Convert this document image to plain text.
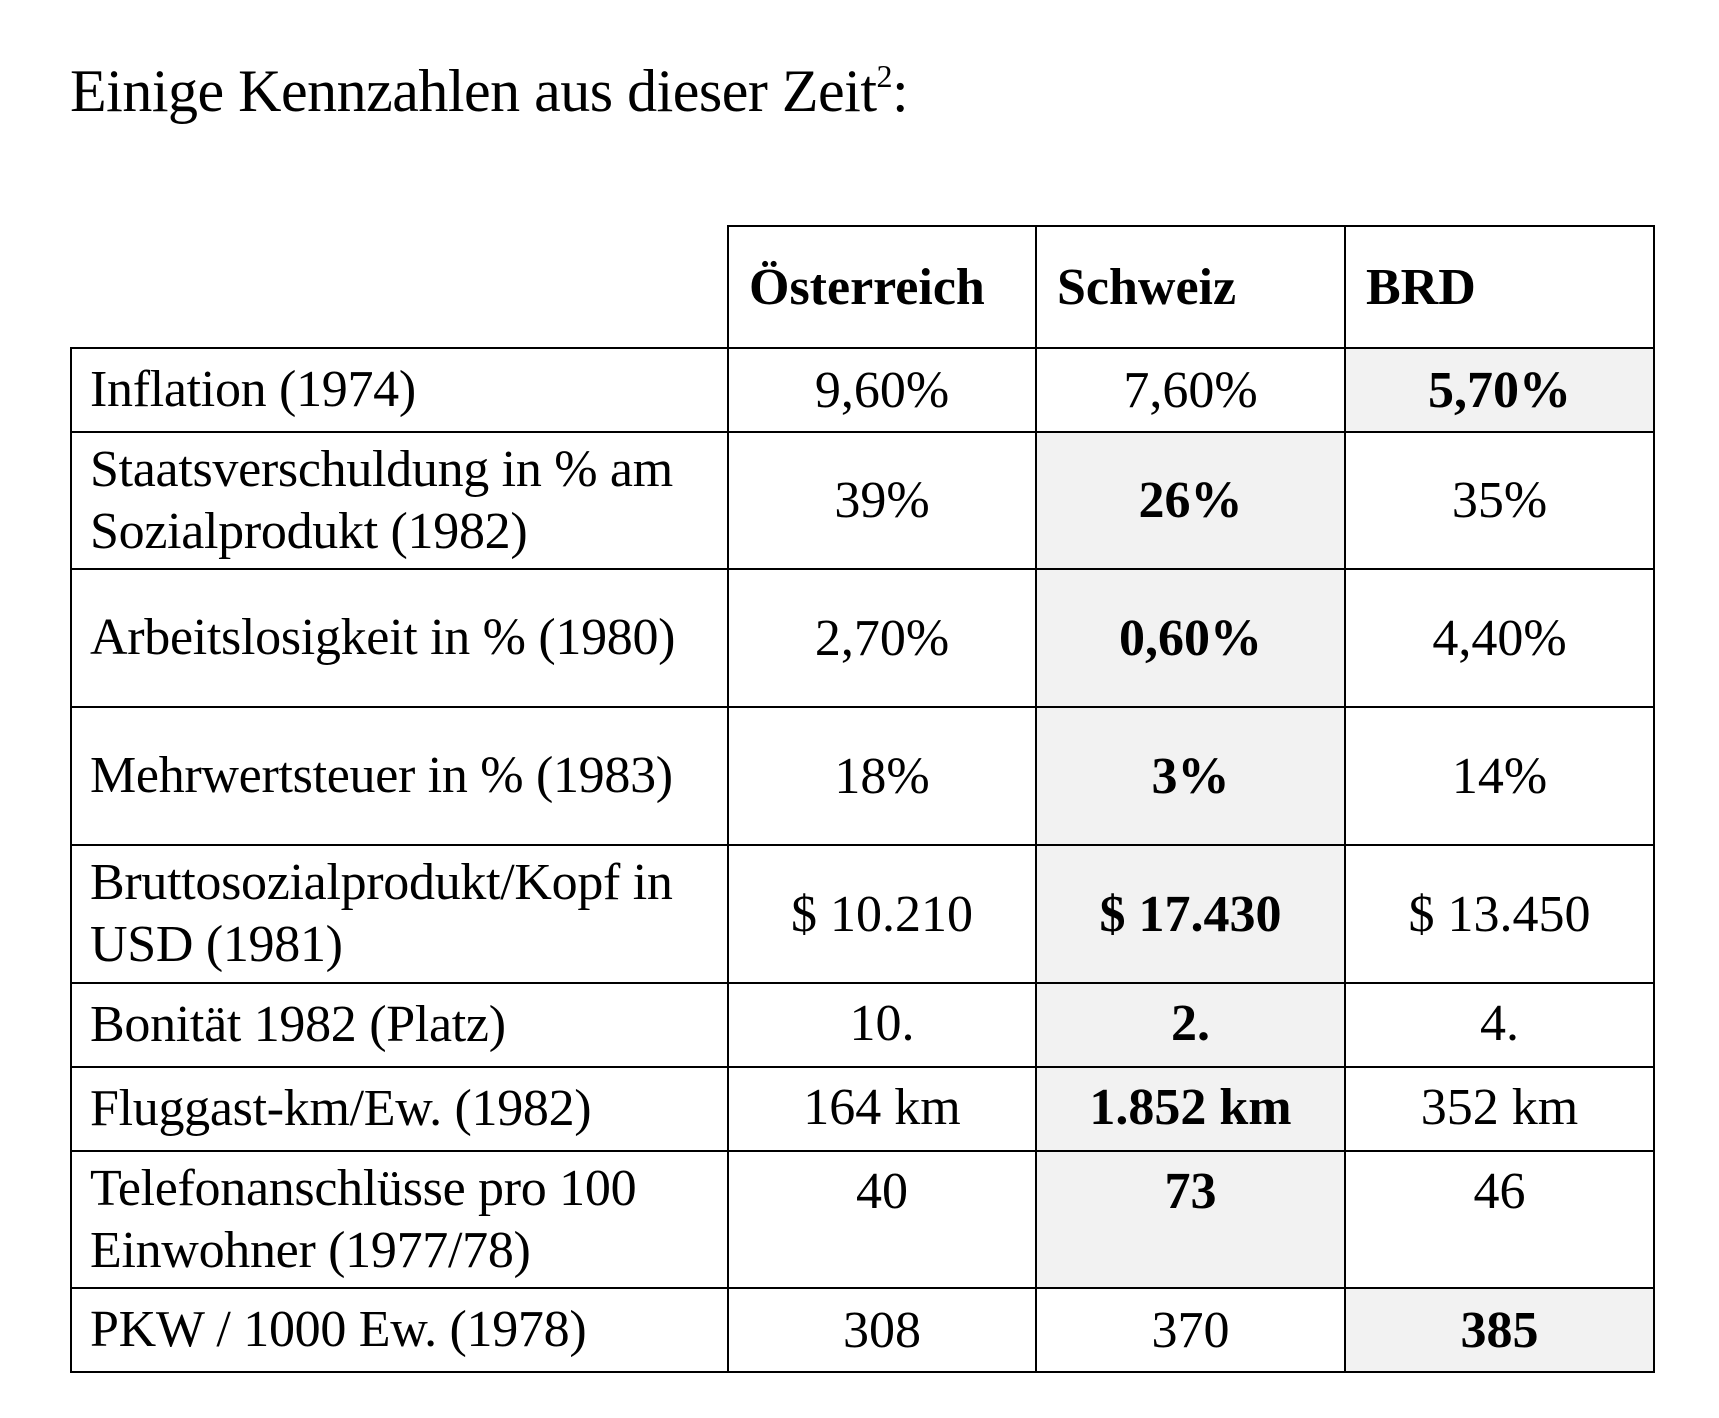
Einige Kennzahlen aus dieser Zeit$^2$:
	Österreich	Schweiz	BRD
Inflation (1974)	9,60%	7,60%	5,70%
Staatsverschuldung in % am Sozialprodukt (1982)	39%	26%	35%
Arbeitslosigkeit in % (1980)	2,70%	0,60%	4,40%
Mehrwertsteuer in % (1983)	18%	3%	14%
Bruttosozialprodukt/Kopf in USD (1981)	$ 10.210	$ 17.430	$ 13.450
Bonität 1982 (Platz)	10.	2.	4.
Fluggast-km/Ew. (1982)	164 km	1.852 km	352 km
Telefonanschlüsse pro 100 Einwohner (1977/78)	40	73	46
PKW / 1000 Ew. (1978)	308	370	385
